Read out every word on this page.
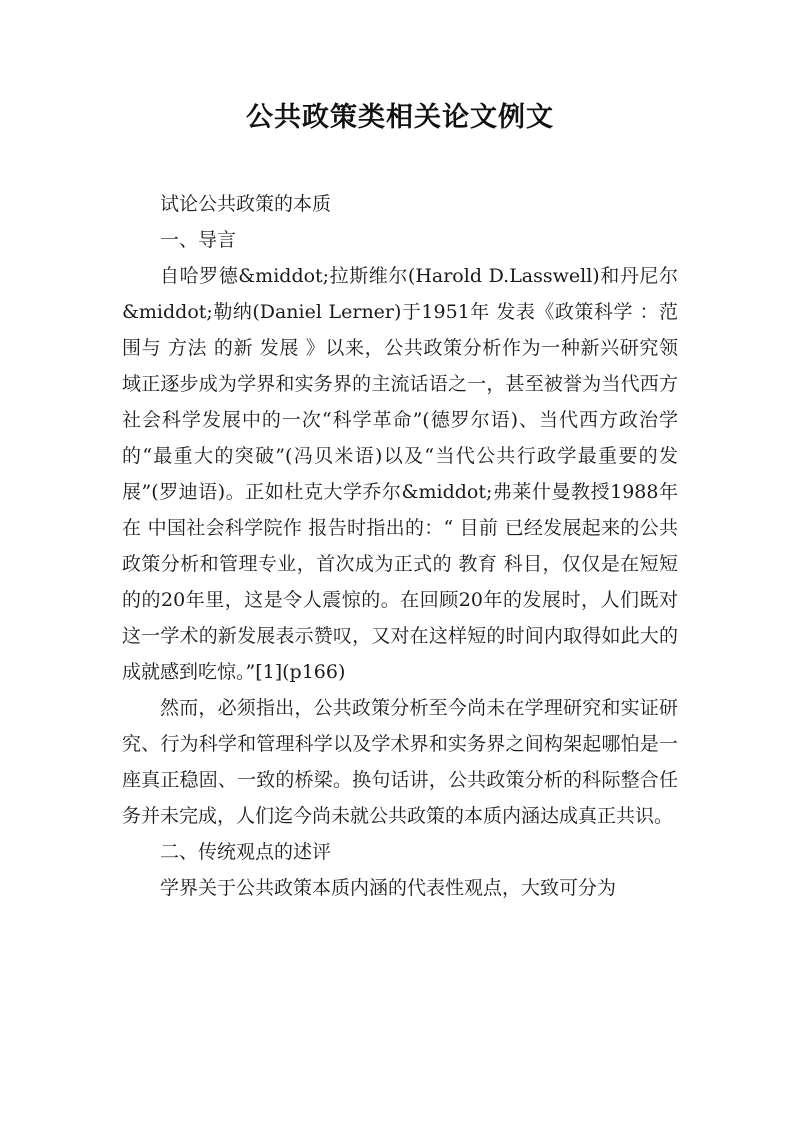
公共政策类相关论文例文

试论公共政策的本质

一、导言

自哈罗德&middot;拉斯维尔(Harold D.Lasswell)和丹尼尔&middot;勒纳(Daniel Lerner)于1951年 发表《政策科学 ：范围与 方法 的新 发展 》以来，公共政策分析作为一种新兴研究领域正逐步成为学界和实务界的主流话语之一，甚至被誉为当代西方社会科学发展中的一次“科学革命”(德罗尔语)、当代西方政治学的“最重大的突破”(冯贝米语)以及“当代公共行政学最重要的发展”(罗迪语)。正如杜克大学乔尔&middot;弗莱什曼教授1988年在 中国社会科学院作 报告时指出的：“ 目前 已经发展起来的公共政策分析和管理专业，首次成为正式的 教育 科目，仅仅是在短短的的20年里，这是令人震惊的。在回顾20年的发展时，人们既对这一学术的新发展表示赞叹，又对在这样短的时间内取得如此大的成就感到吃惊。”[1](p166)

然而，必须指出，公共政策分析至今尚未在学理研究和实证研究、行为科学和管理科学以及学术界和实务界之间构架起哪怕是一座真正稳固、一致的桥梁。换句话讲，公共政策分析的科际整合任务并未完成，人们迄今尚未就公共政策的本质内涵达成真正共识。

二、传统观点的述评

学界关于公共政策本质内涵的代表性观点，大致可分为
